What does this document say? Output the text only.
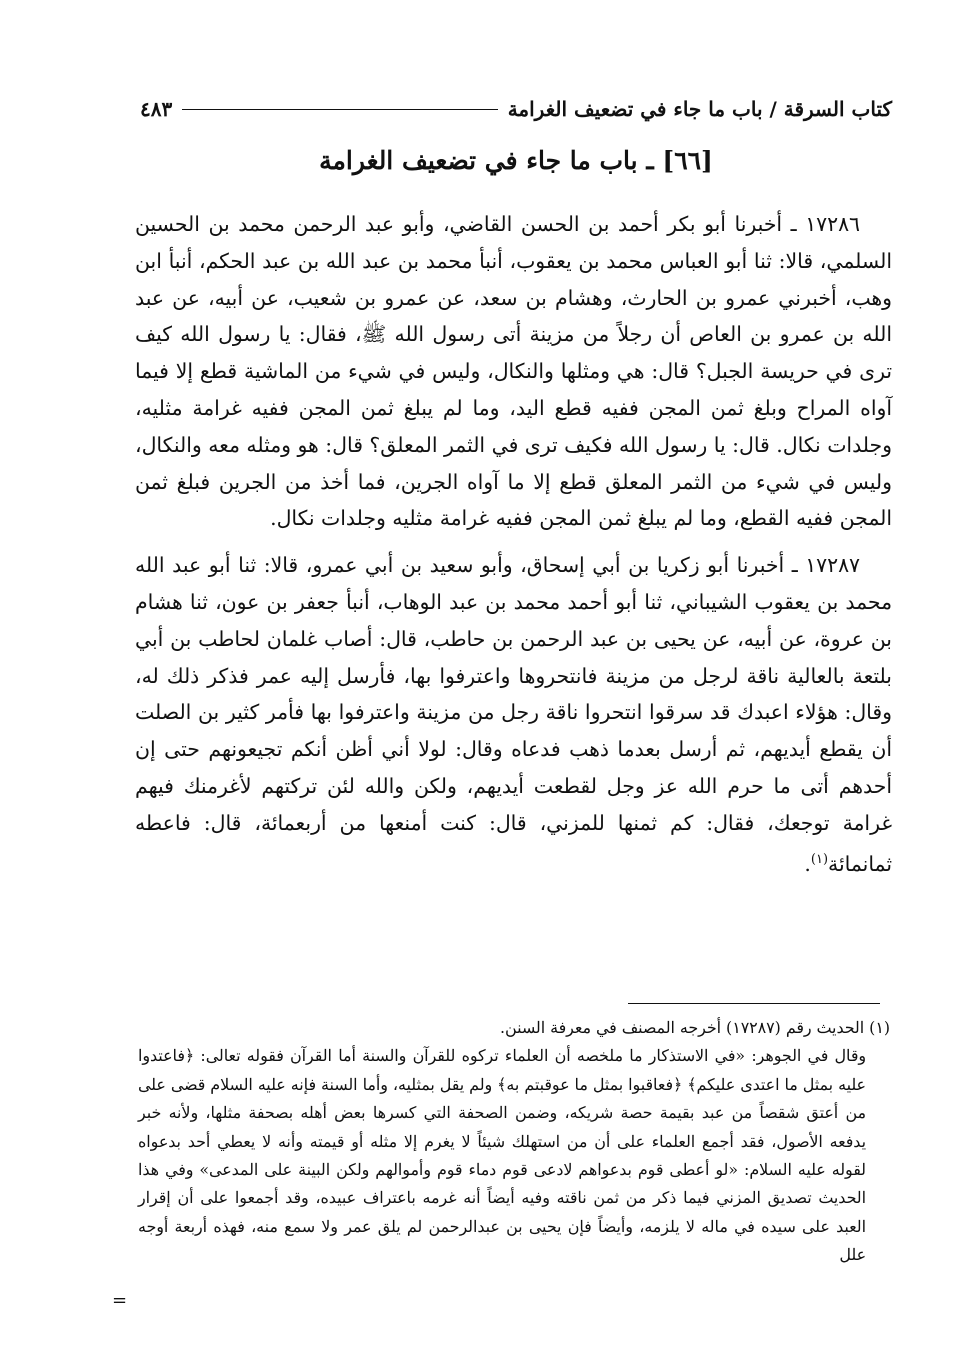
كتاب السرقة / باب ما جاء في تضعيف الغرامة
٤٨٣
[٦٦] ـ باب ما جاء في تضعيف الغرامة

١٧٢٨٦ ـ أخبرنا أبو بكر أحمد بن الحسن القاضي، وأبو عبد الرحمن محمد بن الحسين السلمي، قالا: ثنا أبو العباس محمد بن يعقوب، أنبأ محمد بن عبد الله بن عبد الحكم، أنبأ ابن وهب، أخبرني عمرو بن الحارث، وهشام بن سعد، عن عمرو بن شعيب، عن أبيه، عن عبد الله بن عمرو بن العاص أن رجلاً من مزينة أتى رسول الله ﷺ، فقال: يا رسول الله كيف ترى في حريسة الجبل؟ قال: هي ومثلها والنكال، وليس في شيء من الماشية قطع إلا فيما آواه المراح وبلغ ثمن المجن ففيه قطع اليد، وما لم يبلغ ثمن المجن ففيه غرامة مثليه، وجلدات نكال. قال: يا رسول الله فكيف ترى في الثمر المعلق؟ قال: هو ومثله معه والنكال، وليس في شيء من الثمر المعلق قطع إلا ما آواه الجرين، فما أخذ من الجرين فبلغ ثمن المجن ففيه القطع، وما لم يبلغ ثمن المجن ففيه غرامة مثليه وجلدات نكال.

١٧٢٨٧ ـ أخبرنا أبو زكريا بن أبي إسحاق، وأبو سعيد بن أبي عمرو، قالا: ثنا أبو عبد الله محمد بن يعقوب الشيباني، ثنا أبو أحمد محمد بن عبد الوهاب، أنبأ جعفر بن عون، ثنا هشام بن عروة، عن أبيه، عن يحيى بن عبد الرحمن بن حاطب، قال: أصاب غلمان لحاطب بن أبي بلتعة بالعالية ناقة لرجل من مزينة فانتحروها واعترفوا بها، فأرسل إليه عمر فذكر ذلك له، وقال: هؤلاء اعبدك قد سرقوا انتحروا ناقة رجل من مزينة واعترفوا بها فأمر كثير بن الصلت أن يقطع أيديهم، ثم أرسل بعدما ذهب فدعاه وقال: لولا أني أظن أنكم تجيعونهم حتى إن أحدهم أتى ما حرم الله عز وجل لقطعت أيديهم، ولكن والله لئن تركتهم لأغرمنك فيهم غرامة توجعك، فقال: كم ثمنها للمزني، قال: كنت أمنعها من أربعمائة، قال: فاعطه ثمانمائة$^{(١)}$.

(١) الحديث رقم (١٧٢٨٧) أخرجه المصنف في معرفة السنن.

وقال في الجوهر: «في الاستذكار ما ملخصه أن العلماء تركوه للقرآن والسنة أما القرآن فقوله تعالى: ﴿فاعتدوا عليه بمثل ما اعتدى عليكم﴾ ﴿فعاقبوا بمثل ما عوقبتم به﴾ ولم يقل بمثليه، وأما السنة فإنه عليه السلام قضى على من أعتق شقصاً من عبد بقيمة حصة شريكه، وضمن الصحفة التي كسرها بعض أهله بصحفة مثلها، ولأنه خبر يدفعه الأصول، فقد أجمع العلماء على أن من استهلك شيئاً لا يغرم إلا مثله أو قيمته وأنه لا يعطي أحد بدعواه لقوله عليه السلام: «لو أعطى قوم بدعواهم لادعى قوم دماء قوم وأموالهم ولكن البينة على المدعى» وفي هذا الحديث تصديق المزني فيما ذكر من ثمن ناقته وفيه أيضاً أنه غرمه باعتراف عبيده، وقد أجمعوا على أن إقرار العبد على سيده في ماله لا يلزمه، وأيضاً فإن يحيى بن عبدالرحمن لم يلق عمر ولا سمع منه، فهذه أربعة أوجه علل

=
